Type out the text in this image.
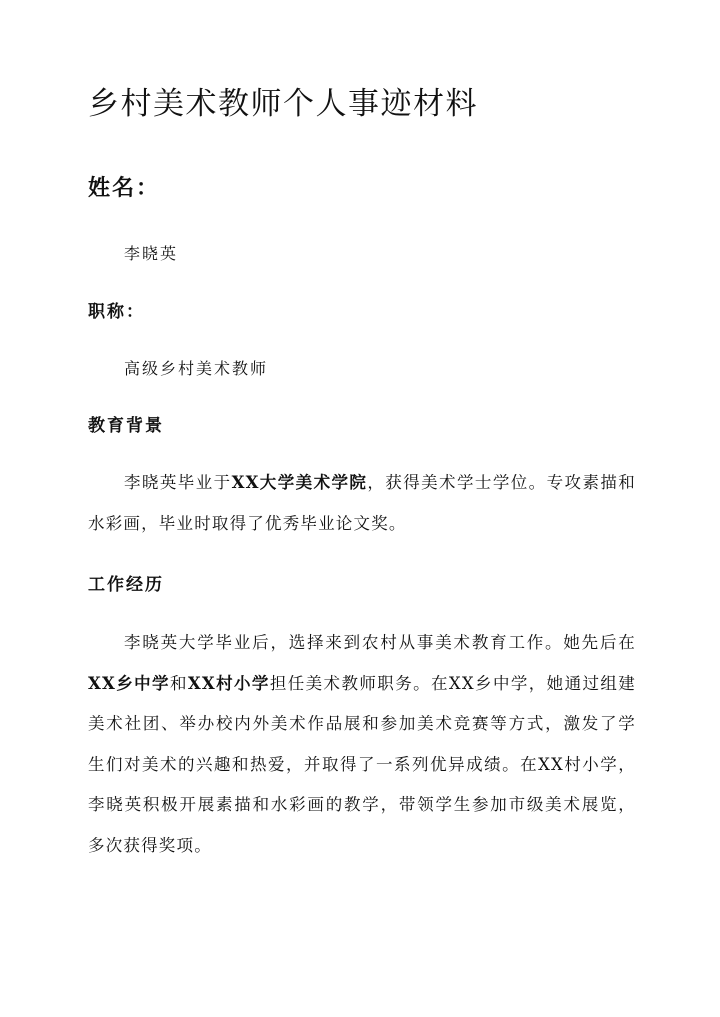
乡村美术教师个人事迹材料
姓名：

李晓英

职称：

高级乡村美术教师

教育背景

李晓英毕业于XX大学美术学院，获得美术学士学位。专攻素描和水彩画，毕业时取得了优秀毕业论文奖。

工作经历

李晓英大学毕业后，选择来到农村从事美术教育工作。她先后在XX乡中学和XX村小学担任美术教师职务。在XX乡中学，她通过组建美术社团、举办校内外美术作品展和参加美术竞赛等方式，激发了学生们对美术的兴趣和热爱，并取得了一系列优异成绩。在XX村小学，李晓英积极开展素描和水彩画的教学，带领学生参加市级美术展览，多次获得奖项。
